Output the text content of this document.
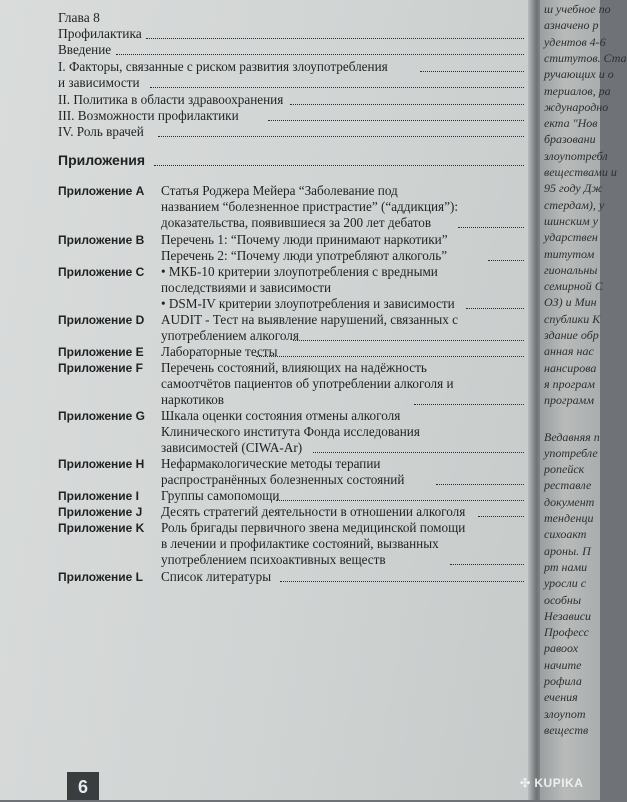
Глава 8
Профилактика
Введение
I. Факторы, связанные с риском развития злоупотребления
и зависимости
II. Политика в области здравоохранения
III. Возможности профилактики
IV. Роль врачей
Приложения
Приложение A Статья Роджера Мейера “Заболевание под
названием “болезненное пристрастие” (“аддикция”):
доказательства, появившиеся за 200 лет дебатов
Приложение B Перечень 1: “Почему люди принимают наркотики”
Перечень 2: “Почему люди употребляют алкоголь”
Приложение C • МКБ-10 критерии злоупотребления с вредными
последствиями и зависимости
• DSM-IV критерии злоупотребления и зависимости
Приложение D AUDIT - Тест на выявление нарушений, связанных с
употреблением алкоголя
Приложение E Лабораторные тесты
Приложение F Перечень состояний, влияющих на надёжность
самоотчётов пациентов об употреблении алкоголя и
наркотиков
Приложение G Шкала оценки состояния отмены алкоголя
Клинического института Фонда исследования
зависимостей (CIWA-Ar)
Приложение H Нефармакологические методы терапии
распространённых болезненных состояний
Приложение I Группы самопомощи
Приложение J Десять стратегий деятельности в отношении алкоголя
Приложение K Роль бригады первичного звена медицинской помощи
в лечении и профилактике состояний, вызванных
употреблением психоактивных веществ
Приложение L Список литературы
6
ш учебное по
азначено р
удентов 4-6
ститутов. Ста
ручающих и о
териалов, ра
ждународно
екта "Нов
бразовани
злоупотребл
веществами и
95 году Дж
стердам), у
шинским у
ударствен
титутом
гиональны
семирной С
ОЗ) и Мин
спублики К
здание обр
анная нас
нансирова
я програм
программ
Ведавняя п
употребле
ропейск
реставле
документ
тенденци
сихоакт
ароны. П
рт нами
уросли с
особны
Независи
Професс
равоох
начите
рофила
ечения
злоупот
веществ
✣ KUPIKA
